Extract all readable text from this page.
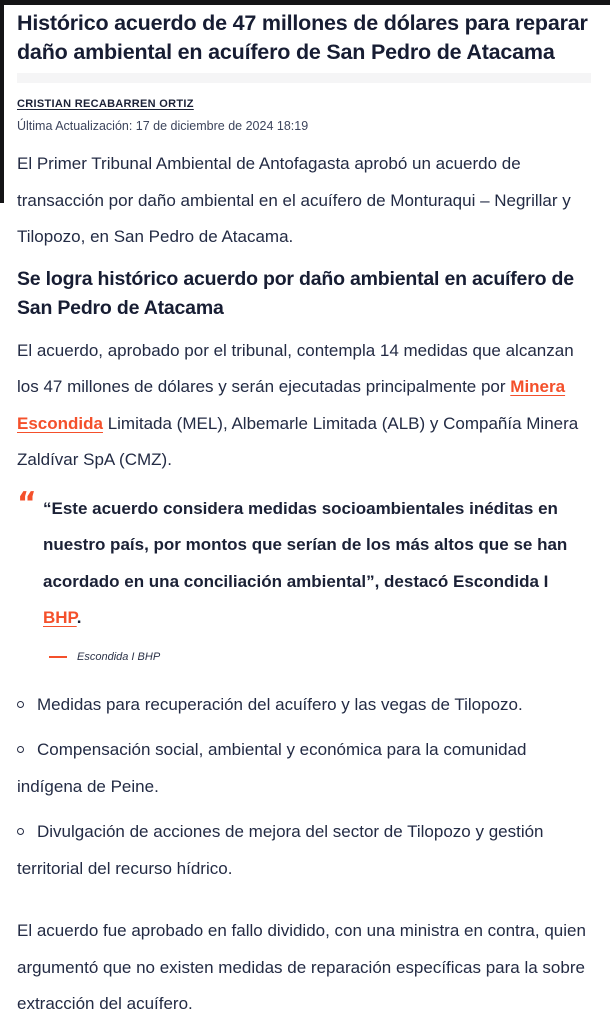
Histórico acuerdo de 47 millones de dólares para reparar daño ambiental en acuífero de San Pedro de Atacama
CRISTIAN RECABARREN ORTIZ
Última Actualización: 17 de diciembre de 2024 18:19

El Primer Tribunal Ambiental de Antofagasta aprobó un acuerdo de transacción por daño ambiental en el acuífero de Monturaqui – Negrillar y Tilopozo, en San Pedro de Atacama.

Se logra histórico acuerdo por daño ambiental en acuífero de San Pedro de Atacama

El acuerdo, aprobado por el tribunal, contempla 14 medidas que alcanzan los 47 millones de dólares y serán ejecutadas principalmente por Minera Escondida Limitada (MEL), Albemarle Limitada (ALB) y Compañía Minera Zaldívar SpA (CMZ).

“ “Este acuerdo considera medidas socioambientales inéditas en nuestro país, por montos que serían de los más altos que se han acordado en una conciliación ambiental”, destacó Escondida I BHP.
Escondida I BHP
Medidas para recuperación del acuífero y las vegas de Tilopozo.
Compensación social, ambiental y económica para la comunidad indígena de Peine.
Divulgación de acciones de mejora del sector de Tilopozo y gestión territorial del recurso hídrico.

El acuerdo fue aprobado en fallo dividido, con una ministra en contra, quien argumentó que no existen medidas de reparación específicas para la sobre extracción del acuífero.
